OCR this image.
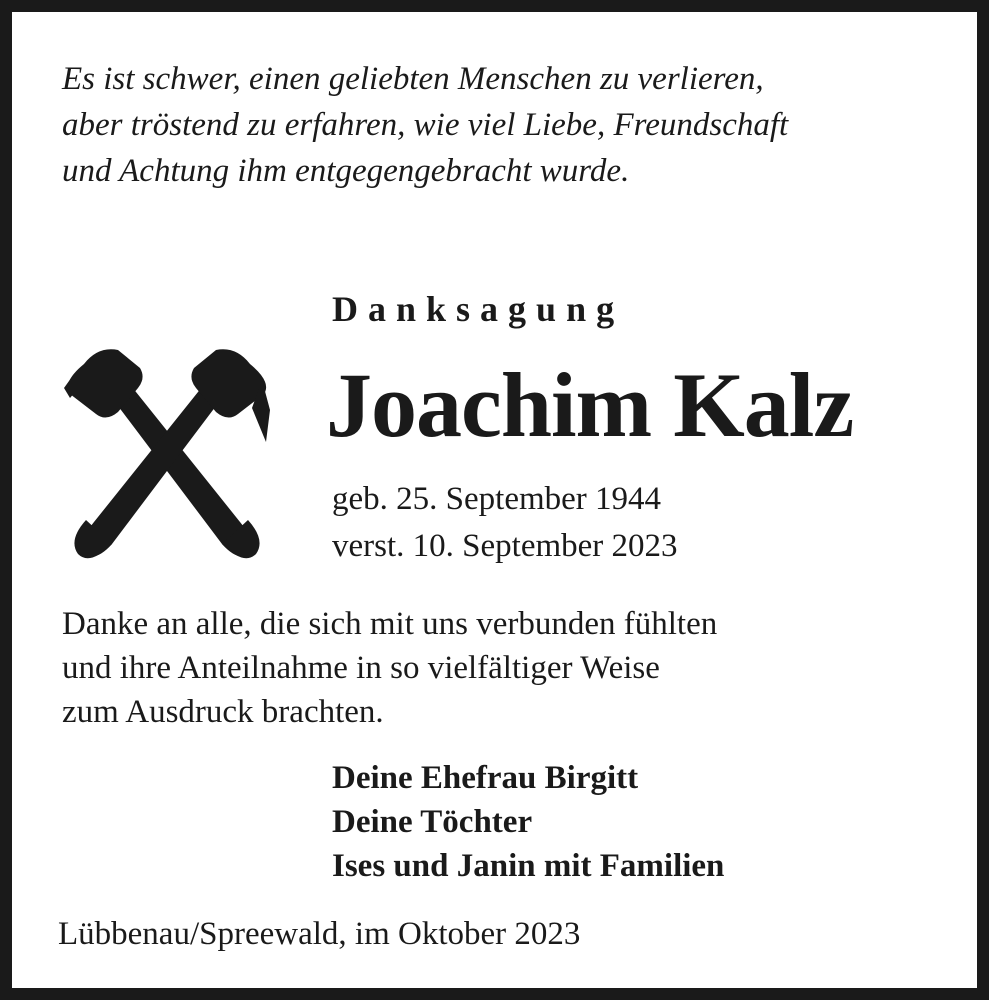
Es ist schwer, einen geliebten Menschen zu verlieren,
aber tröstend zu erfahren, wie viel Liebe, Freundschaft
und Achtung ihm entgegengebracht wurde.
Danksagung
Joachim Kalz
geb. 25. September 1944
verst. 10. September 2023
Danke an alle, die sich mit uns verbunden fühlten
und ihre Anteilnahme in so vielfältiger Weise
zum Ausdruck brachten.
Deine Ehefrau Birgitt
Deine Töchter
Ises und Janin mit Familien
Lübbenau/Spreewald, im Oktober 2023
